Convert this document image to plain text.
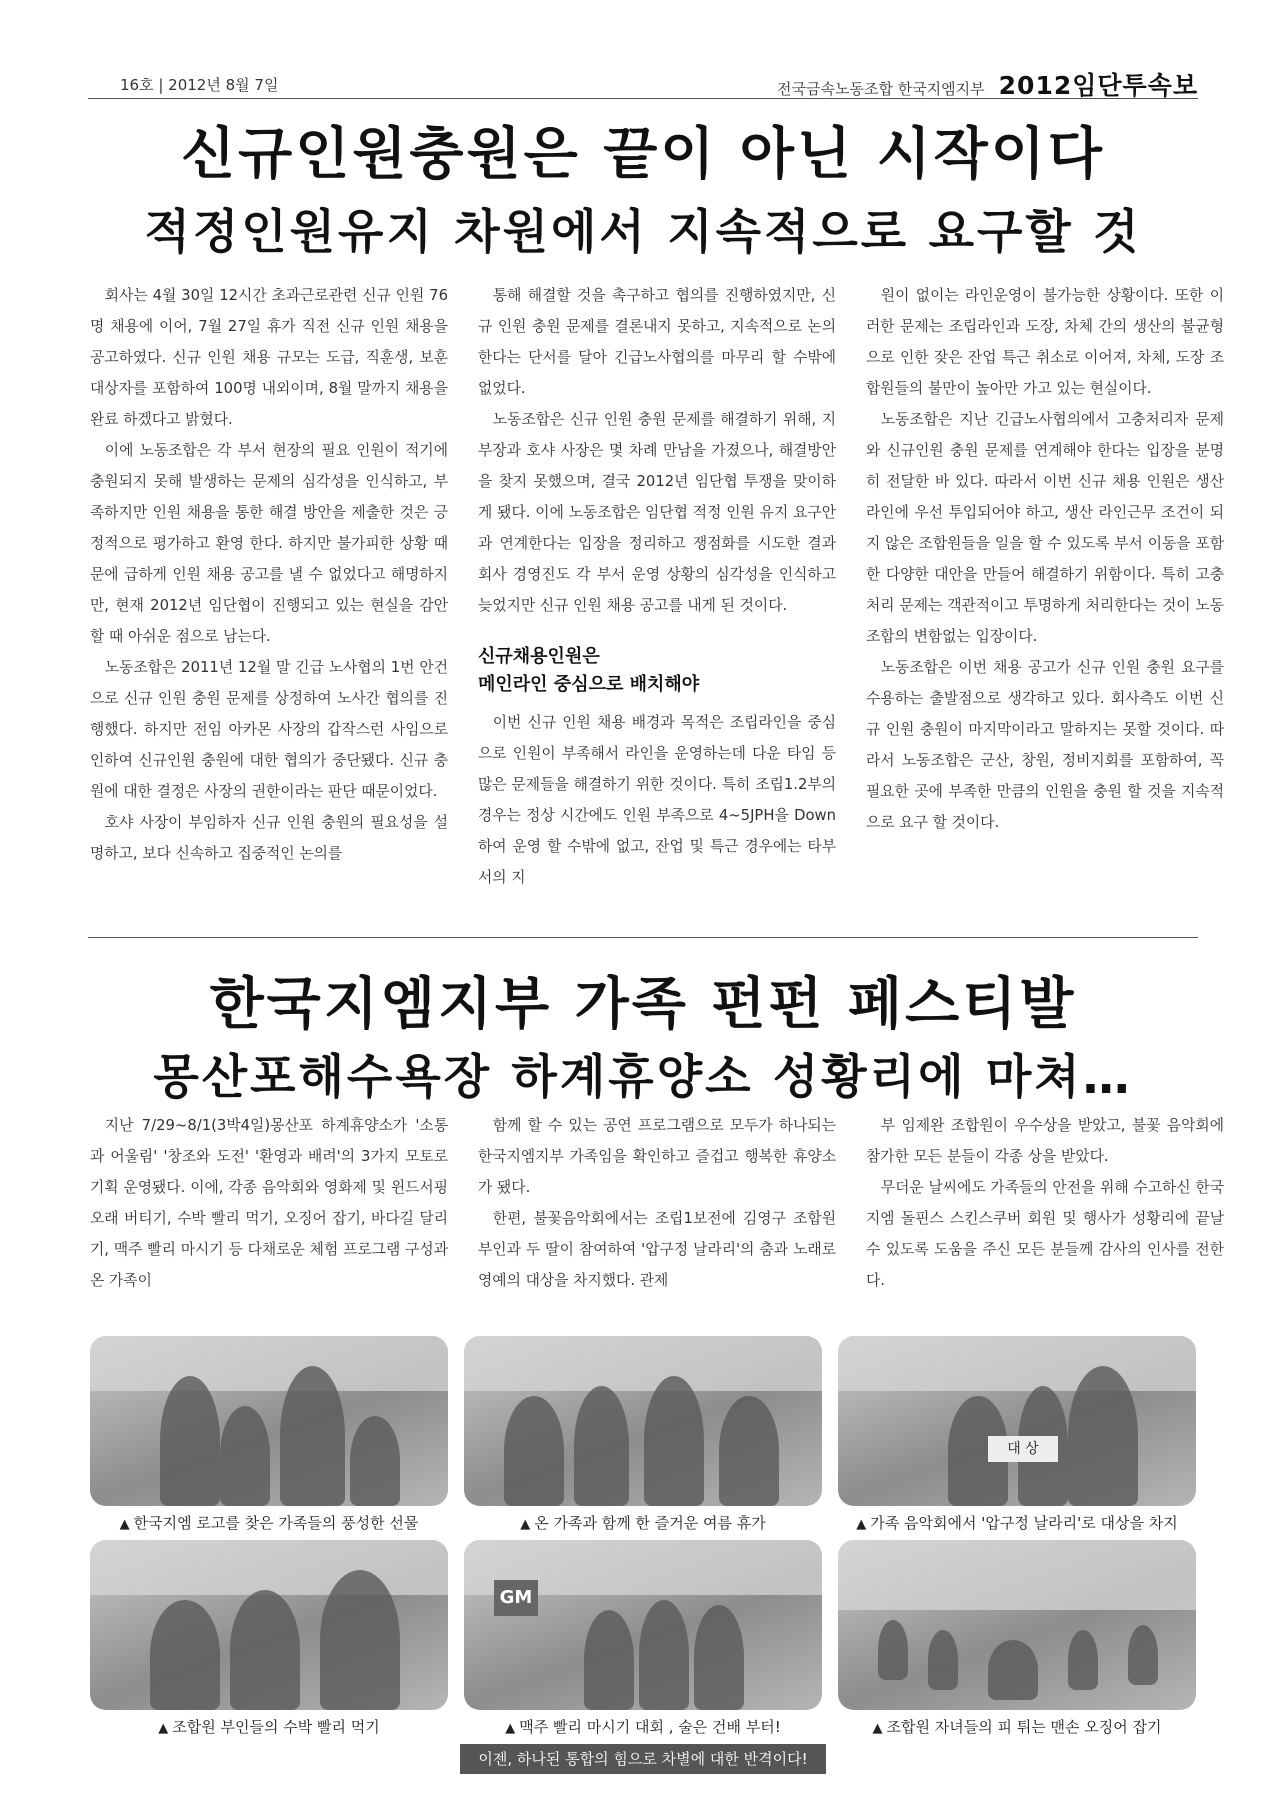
16호 | 2012년 8월 7일	전국금속노동조합 한국지엠지부 2012임단투속보
신규인원충원은 끝이 아닌 시작이다
적정인원유지 차원에서 지속적으로 요구할 것

회사는 4월 30일 12시간 초과근로관련 신규 인원 76명 채용에 이어, 7월 27일 휴가 직전 신규 인원 채용을 공고하였다. 신규 인원 채용 규모는 도급, 직훈생, 보훈대상자를 포함하여 100명 내외이며, 8월 말까지 채용을 완료 하겠다고 밝혔다.

이에 노동조합은 각 부서 현장의 필요 인원이 적기에 충원되지 못해 발생하는 문제의 심각성을 인식하고, 부족하지만 인원 채용을 통한 해결 방안을 제출한 것은 긍정적으로 평가하고 환영 한다. 하지만 불가피한 상황 때문에 급하게 인원 채용 공고를 낼 수 없었다고 해명하지만, 현재 2012년 임단협이 진행되고 있는 현실을 감안 할 때 아쉬운 점으로 남는다.

노동조합은 2011년 12월 말 긴급 노사협의 1번 안건으로 신규 인원 충원 문제를 상정하여 노사간 협의를 진행했다. 하지만 전임 아카몬 사장의 갑작스런 사임으로 인하여 신규인원 충원에 대한 협의가 중단됐다. 신규 충원에 대한 결정은 사장의 권한이라는 판단 때문이었다.

호샤 사장이 부임하자 신규 인원 충원의 필요성을 설명하고, 보다 신속하고 집중적인 논의를

통해 해결할 것을 촉구하고 협의를 진행하였지만, 신규 인원 충원 문제를 결론내지 못하고, 지속적으로 논의한다는 단서를 달아 긴급노사협의를 마무리 할 수밖에 없었다.

노동조합은 신규 인원 충원 문제를 해결하기 위해, 지부장과 호샤 사장은 몇 차례 만남을 가졌으나, 해결방안을 찾지 못했으며, 결국 2012년 임단협 투쟁을 맞이하게 됐다. 이에 노동조합은 임단협 적정 인원 유지 요구안과 연계한다는 입장을 정리하고 쟁점화를 시도한 결과 회사 경영진도 각 부서 운영 상황의 심각성을 인식하고 늦었지만 신규 인원 채용 공고를 내게 된 것이다.

신규채용인원은
메인라인 중심으로 배치해야

이번 신규 인원 채용 배경과 목적은 조립라인을 중심으로 인원이 부족해서 라인을 운영하는데 다운 타임 등 많은 문제들을 해결하기 위한 것이다. 특히 조립1.2부의 경우는 정상 시간에도 인원 부족으로 4~5JPH을 Down하여 운영 할 수밖에 없고, 잔업 및 특근 경우에는 타부서의 지

원이 없이는 라인운영이 불가능한 상황이다. 또한 이러한 문제는 조립라인과 도장, 차체 간의 생산의 불균형으로 인한 잦은 잔업 특근 취소로 이어져, 차체, 도장 조합원들의 불만이 높아만 가고 있는 현실이다.

노동조합은 지난 긴급노사협의에서 고충처리자 문제와 신규인원 충원 문제를 연계해야 한다는 입장을 분명히 전달한 바 있다. 따라서 이번 신규 채용 인원은 생산 라인에 우선 투입되어야 하고, 생산 라인근무 조건이 되지 않은 조합원들을 일을 할 수 있도록 부서 이동을 포함한 다양한 대안을 만들어 해결하기 위함이다. 특히 고충처리 문제는 객관적이고 투명하게 처리한다는 것이 노동조합의 변함없는 입장이다.

노동조합은 이번 채용 공고가 신규 인원 충원 요구를 수용하는 출발점으로 생각하고 있다. 회사측도 이번 신규 인원 충원이 마지막이라고 말하지는 못할 것이다. 따라서 노동조합은 군산, 창원, 정비지회를 포함하여, 꼭 필요한 곳에 부족한 만큼의 인원을 충원 할 것을 지속적으로 요구 할 것이다.

한국지엠지부 가족 펀펀 페스티발
몽산포해수욕장 하계휴양소 성황리에 마쳐…

지난 7/29~8/1(3박4일)몽산포 하계휴양소가 '소통과 어울림' '창조와 도전' '환영과 배려'의 3가지 모토로 기획 운영됐다. 이에, 각종 음악회와 영화제 및 윈드서핑 오래 버티기, 수박 빨리 먹기, 오징어 잡기, 바다길 달리기, 맥주 빨리 마시기 등 다채로운 체험 프로그램 구성과 온 가족이

함께 할 수 있는 공연 프로그램으로 모두가 하나되는 한국지엠지부 가족임을 확인하고 즐겁고 행복한 휴양소가 됐다.

한편, 불꽃음악회에서는 조립1보전에 김영구 조합원 부인과 두 딸이 참여하여 '압구정 날라리'의 춤과 노래로 영예의 대상을 차지했다. 관제

부 임제완 조합원이 우수상을 받았고, 불꽃 음악회에 참가한 모든 분들이 각종 상을 받았다.

무더운 날씨에도 가족들의 안전을 위해 수고하신 한국지엠 돌핀스 스킨스쿠버 회원 및 행사가 성황리에 끝날 수 있도록 도움을 주신 모든 분들께 감사의 인사를 전한다.

대 상
▲ 한국지엠 로고를 찾은 가족들의 풍성한 선물	▲ 온 가족과 함께 한 즐거운 여름 휴가	▲ 가족 음악회에서 '압구정 날라리'로 대상을 차지
GM
▲ 조합원 부인들의 수박 빨리 먹기	▲ 맥주 빨리 마시기 대회 , 술은 건배 부터!	▲ 조합원 자녀들의 피 튀는 맨손 오징어 잡기
이젠, 하나된 통합의 힘으로 차별에 대한 반격이다!
